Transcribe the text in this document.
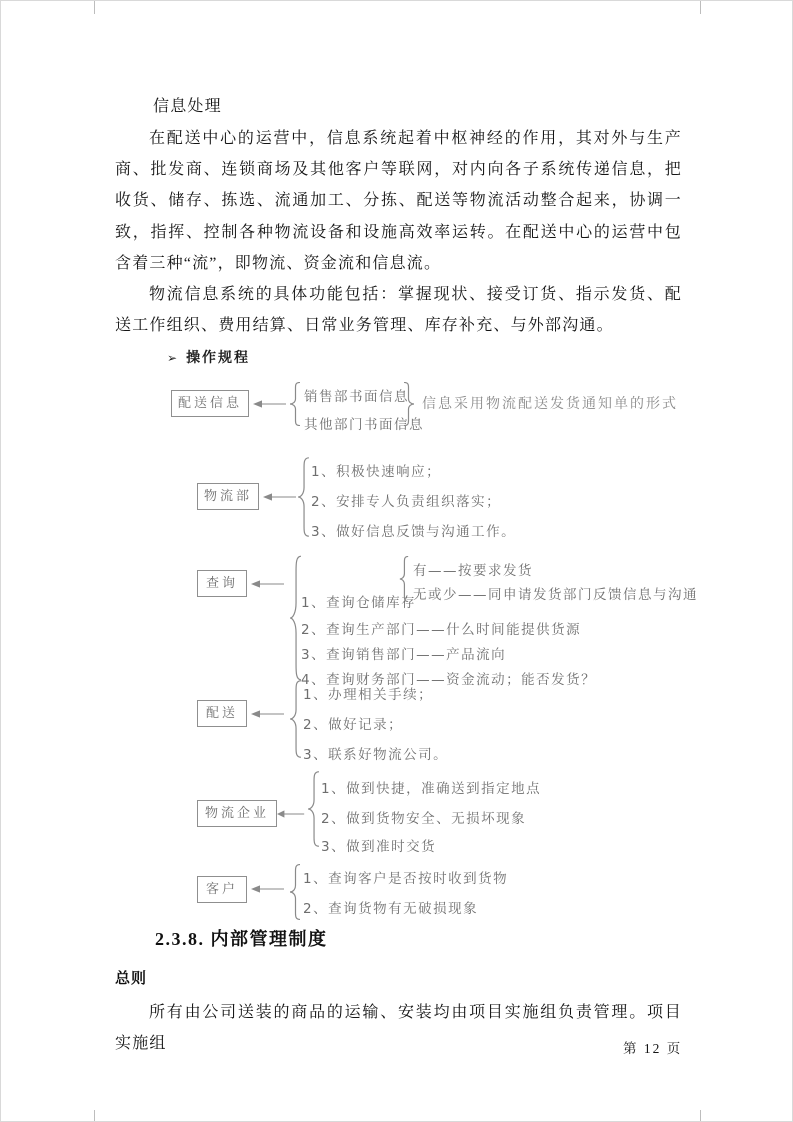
信息处理

在配送中心的运营中，信息系统起着中枢神经的作用，其对外与生产商、批发商、连锁商场及其他客户等联网，对内向各子系统传递信息，把收货、储存、拣选、流通加工、分拣、配送等物流活动整合起来，协调一致，指挥、控制各种物流设备和设施高效率运转。在配送中心的运营中包含着三种“流”，即物流、资金流和信息流。

物流信息系统的具体功能包括：掌握现状、接受订货、指示发货、配送工作组织、费用结算、日常业务管理、库存补充、与外部沟通。

➢ 操作规程
配送信息	销售部书面信息
其他部门书面信息
信息采用物流配送发货通知单的形式
物流部
1、积极快速响应；
2、安排专人负责组织落实；
3、做好信息反馈与沟通工作。
查询
1、查询仓储库存
有——按要求发货
无或少——同申请发货部门反馈信息与沟通
2、查询生产部门——什么时间能提供货源
3、查询销售部门——产品流向
4、查询财务部门——资金流动；能否发货？
配送
1、办理相关手续；
2、做好记录；
3、联系好物流公司。
物流企业
1、做到快捷，准确送到指定地点
2、做到货物安全、无损坏现象
3、做到准时交货
客户
1、查询客户是否按时收到货物
2、查询货物有无破损现象
2.3.8. 内部管理制度
总则

所有由公司送装的商品的运输、安装均由项目实施组负责管理。项目实施组	第 12 页
